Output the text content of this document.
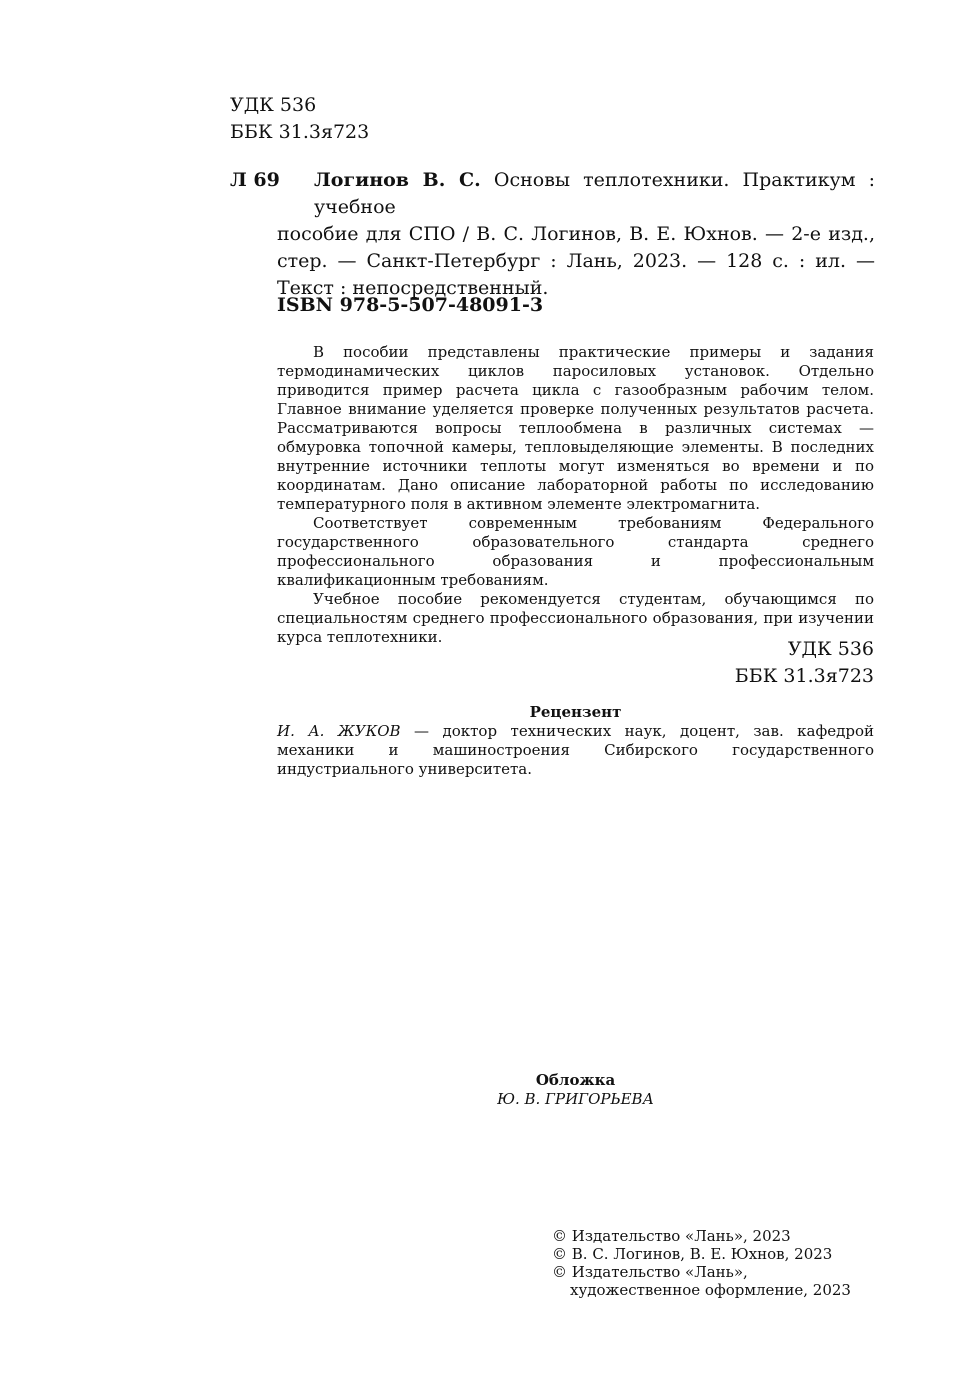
УДК 536
ББК 31.3я723
Л 69 Логинов В. С. Основы теплотехники. Практикум : учебное
пособие для СПО / В. С. Логинов, В. Е. Юхнов. — 2-е изд., стер. — Санкт-Петербург : Лань, 2023. — 128 с. : ил. — Текст : непосредственный.
ISBN 978-5-507-48091-3

В пособии представлены практические примеры и задания термодинамических циклов паросиловых установок. Отдельно приводится пример расчета цикла с газообразным рабочим телом. Главное внимание уделяется проверке полученных результатов расчета. Рассматриваются вопросы теплообмена в различных системах — обмуровка топочной камеры, тепловыделяющие элементы. В последних внутренние источники теплоты могут изменяться во времени и по координатам. Дано описание лабораторной работы по исследованию температурного поля в активном элементе электромагнита.

Соответствует современным требованиям Федерального государственного образовательного стандарта среднего профессионального образования и профессиональным квалификационным требованиям.

Учебное пособие рекомендуется студентам, обучающимся по специальностям среднего профессионального образования, при изучении курса теплотехники.

УДК 536
ББК 31.3я723
Рецензент
И. А. ЖУКОВ — доктор технических наук, доцент, зав. кафедрой механики и машиностроения Сибирского государственного индустриального университета.
Обложка
Ю. В. ГРИГОРЬЕВА
© Издательство «Лань», 2023
© В. С. Логинов, В. Е. Юхнов, 2023
© Издательство «Лань»,
художественное оформление, 2023
